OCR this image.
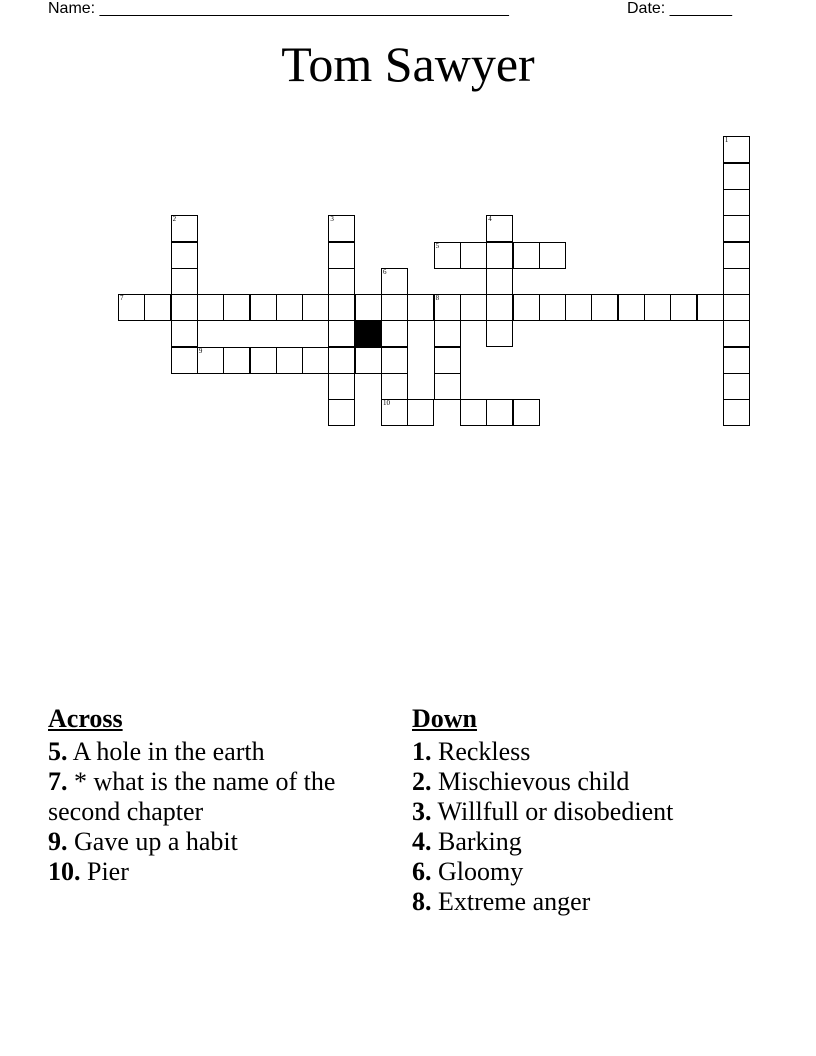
Name: ______________________________________________	Date: _______
Tom Sawyer
1
2	3	4
5
6
7	8
9
10
Across
5. A hole in the earth
7. * what is the name of the second chapter
9. Gave up a habit
10. Pier
Down
1. Reckless
2. Mischievous child
3. Willfull or disobedient
4. Barking
6. Gloomy
8. Extreme anger
